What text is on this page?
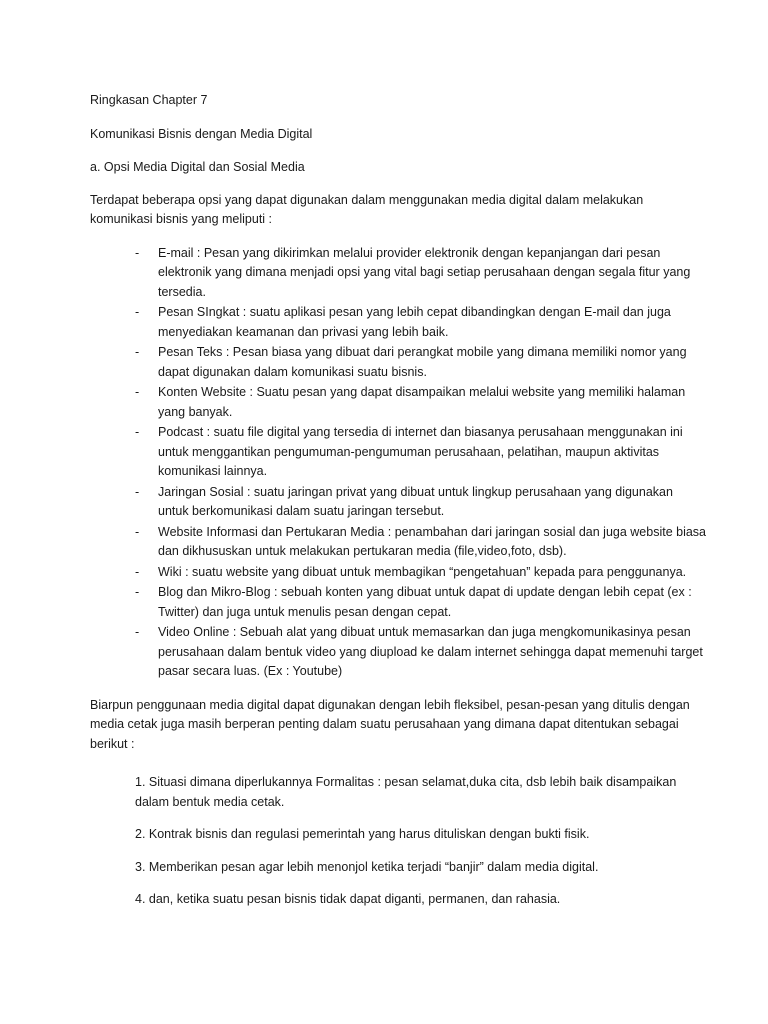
Ringkasan Chapter 7

Komunikasi Bisnis dengan Media Digital

a. Opsi Media Digital dan Sosial Media

Terdapat beberapa opsi yang dapat digunakan dalam menggunakan media digital dalam melakukan komunikasi bisnis yang meliputi :

- E-mail : Pesan yang dikirimkan melalui provider elektronik dengan kepanjangan dari pesan elektronik yang dimana menjadi opsi yang vital bagi setiap perusahaan dengan segala fitur yang tersedia.
- Pesan SIngkat : suatu aplikasi pesan yang lebih cepat dibandingkan dengan E-mail dan juga menyediakan keamanan dan privasi yang lebih baik.
- Pesan Teks : Pesan biasa yang dibuat dari perangkat mobile yang dimana memiliki nomor yang dapat digunakan dalam komunikasi suatu bisnis.
- Konten Website : Suatu pesan yang dapat disampaikan melalui website yang memiliki halaman yang banyak.
- Podcast : suatu file digital yang tersedia di internet dan biasanya perusahaan menggunakan ini untuk menggantikan pengumuman-pengumuman perusahaan, pelatihan, maupun aktivitas komunikasi lainnya.
- Jaringan Sosial : suatu jaringan privat yang dibuat untuk lingkup perusahaan yang digunakan untuk berkomunikasi dalam suatu jaringan tersebut.
- Website Informasi dan Pertukaran Media : penambahan dari jaringan sosial dan juga website biasa dan dikhususkan untuk melakukan pertukaran media (file,video,foto, dsb).
- Wiki : suatu website yang dibuat untuk membagikan “pengetahuan” kepada para penggunanya.
- Blog dan Mikro-Blog : sebuah konten yang dibuat untuk dapat di update dengan lebih cepat (ex : Twitter) dan juga untuk menulis pesan dengan cepat.
- Video Online : Sebuah alat yang dibuat untuk memasarkan dan juga mengkomunikasinya pesan perusahaan dalam bentuk video yang diupload ke dalam internet sehingga dapat memenuhi target pasar secara luas. (Ex : Youtube)

Biarpun penggunaan media digital dapat digunakan dengan lebih fleksibel, pesan-pesan yang ditulis dengan media cetak juga masih berperan penting dalam suatu perusahaan yang dimana dapat ditentukan sebagai berikut :

1. Situasi dimana diperlukannya Formalitas : pesan selamat,duka cita, dsb lebih baik disampaikan dalam bentuk media cetak.
2. Kontrak bisnis dan regulasi pemerintah yang harus dituliskan dengan bukti fisik.
3. Memberikan pesan agar lebih menonjol ketika terjadi “banjir” dalam media digital.
4. dan, ketika suatu pesan bisnis tidak dapat diganti, permanen, dan rahasia.
